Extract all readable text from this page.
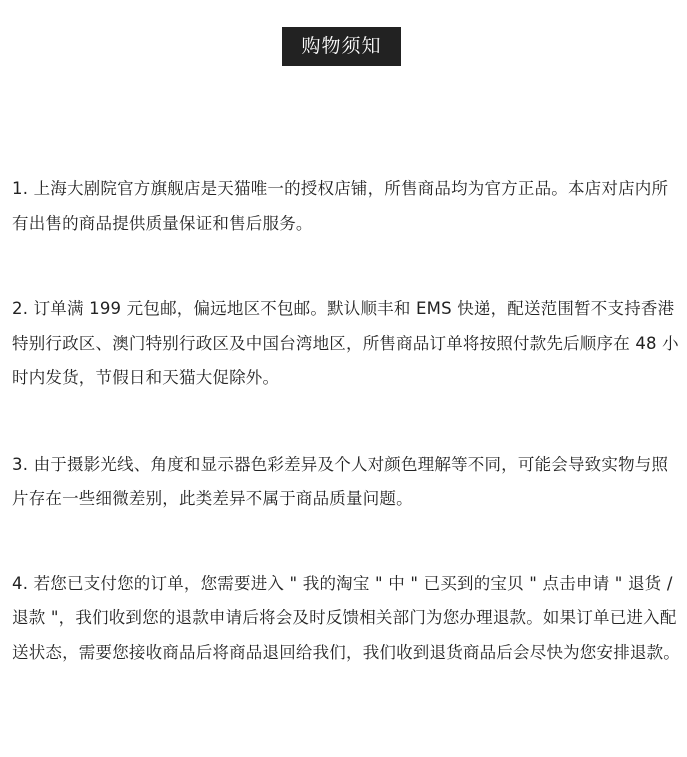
购物须知

1. 上海大剧院官方旗舰店是天猫唯一的授权店铺，所售商品均为官方正品。本店对店内所有出售的商品提供质量保证和售后服务。

2. 订单满 199 元包邮，偏远地区不包邮。默认顺丰和 EMS 快递，配送范围暂不支持香港特别行政区、澳门特别行政区及中国台湾地区，所售商品订单将按照付款先后顺序在 48 小时内发货，节假日和天猫大促除外。

3. 由于摄影光线、角度和显示器色彩差异及个人对颜色理解等不同，可能会导致实物与照片存在一些细微差别，此类差异不属于商品质量问题。

4. 若您已支付您的订单，您需要进入 " 我的淘宝 " 中 " 已买到的宝贝 " 点击申请 " 退货 / 退款 "，我们收到您的退款申请后将会及时反馈相关部门为您办理退款。如果订单已进入配送状态，需要您接收商品后将商品退回给我们，我们收到退货商品后会尽快为您安排退款。
